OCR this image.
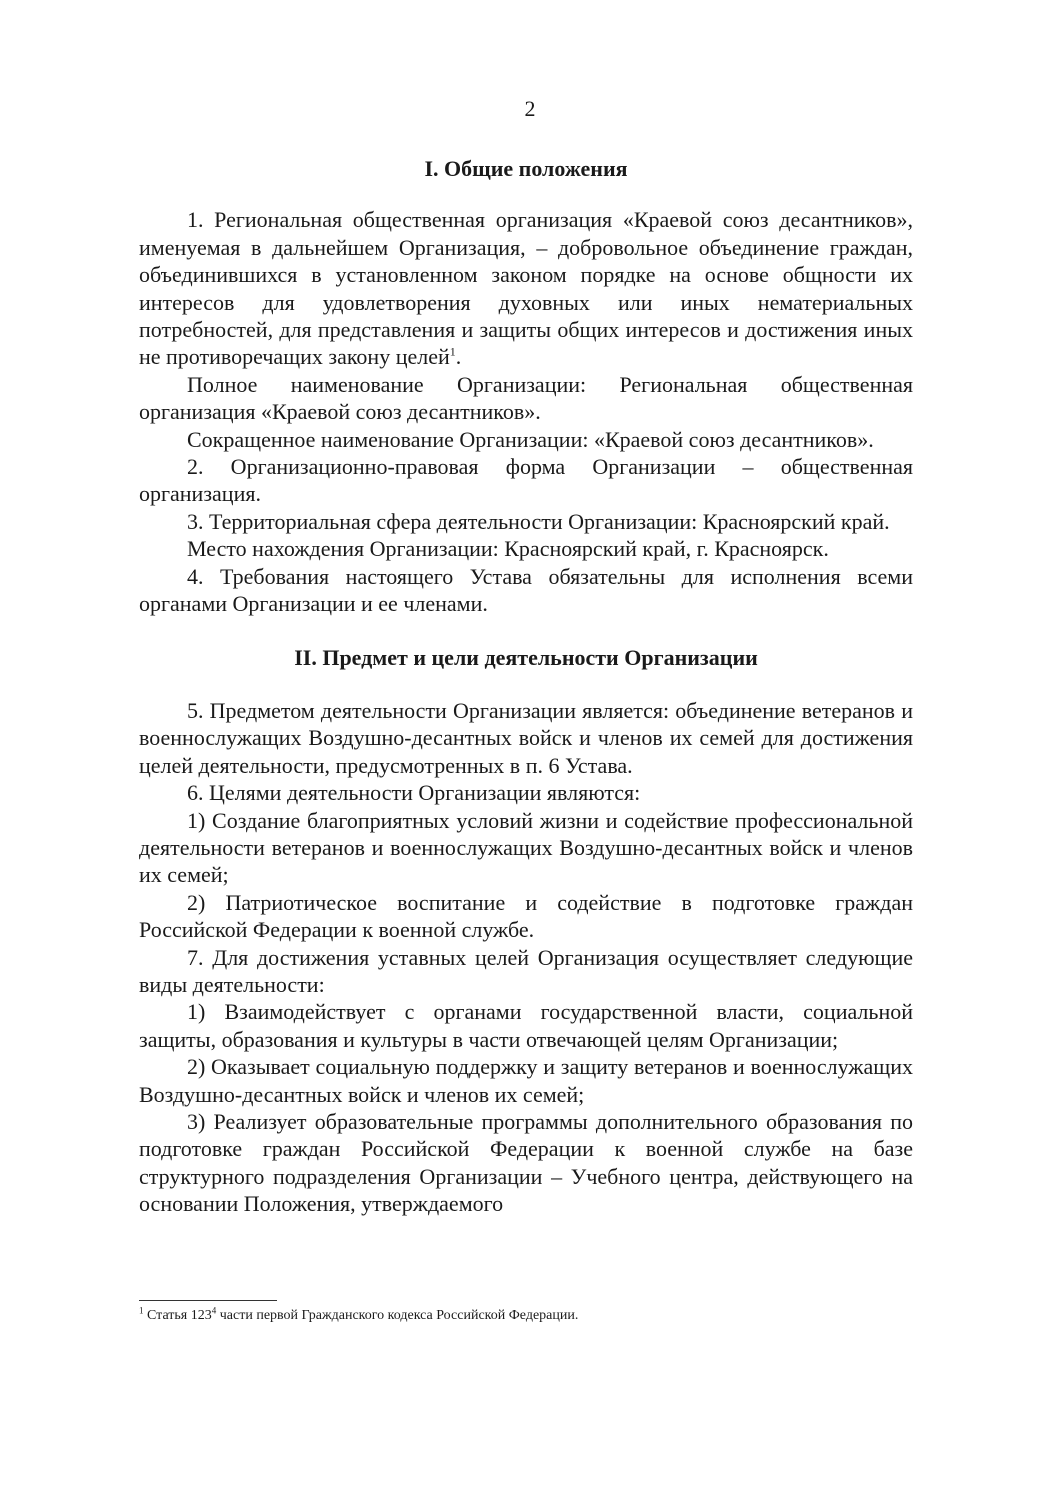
2

I. Общие положения

1. Региональная общественная организация «Краевой союз десантников», именуемая в дальнейшем Организация, – добровольное объединение граждан, объединившихся в установленном законом порядке на основе общности их интересов для удовлетворения духовных или иных нематериальных потребностей, для представления и защиты общих интересов и достижения иных не противоречащих закону целей$^1$.

Полное наименование Организации: Региональная общественная организация «Краевой союз десантников».

Сокращенное наименование Организации: «Краевой союз десантников».

2. Организационно-правовая форма Организации – общественная организация.

3. Территориальная сфера деятельности Организации: Красноярский край.

Место нахождения Организации: Красноярский край, г. Красноярск.

4. Требования настоящего Устава обязательны для исполнения всеми органами Организации и ее членами.

II. Предмет и цели деятельности Организации

5. Предметом деятельности Организации является: объединение ветеранов и военнослужащих Воздушно-десантных войск и членов их семей для достижения целей деятельности, предусмотренных в п. 6 Устава.

6. Целями деятельности Организации являются:

1) Создание благоприятных условий жизни и содействие профессиональной деятельности ветеранов и военнослужащих Воздушно-десантных войск и членов их семей;

2) Патриотическое воспитание и содействие в подготовке граждан Российской Федерации к военной службе.

7. Для достижения уставных целей Организация осуществляет следующие виды деятельности:

1) Взаимодействует с органами государственной власти, социальной защиты, образования и культуры в части отвечающей целям Организации;

2) Оказывает социальную поддержку и защиту ветеранов и военнослужащих Воздушно-десантных войск и членов их семей;

3) Реализует образовательные программы дополнительного образования по подготовке граждан Российской Федерации к военной службе на базе структурного подразделения Организации – Учебного центра, действующего на основании Положения, утверждаемого

$^1$ Статья $123^4$ части первой Гражданского кодекса Российской Федерации.
